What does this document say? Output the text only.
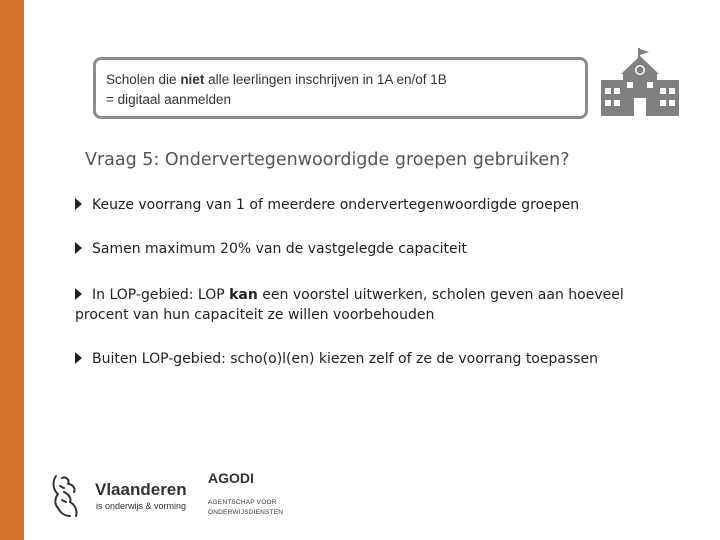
Scholen die niet alle leerlingen inschrijven in 1A en/of 1B
= digitaal aanmelden
Vraag 5: Ondervertegenwoordigde groepen gebruiken?
Keuze voorrang van 1 of meerdere ondervertegenwoordigde groepen
Samen maximum 20% van de vastgelegde capaciteit
In LOP-gebied: LOP kan een voorstel uitwerken, scholen geven aan hoeveel procent van hun capaciteit ze willen voorbehouden
Buiten LOP-gebied: scho(o)l(en) kiezen zelf of ze de voorrang toepassen
Vlaanderen
is onderwijs & vorming
AGODI
AGENTSCHAP VOOR
ONDERWIJSDIENSTEN
